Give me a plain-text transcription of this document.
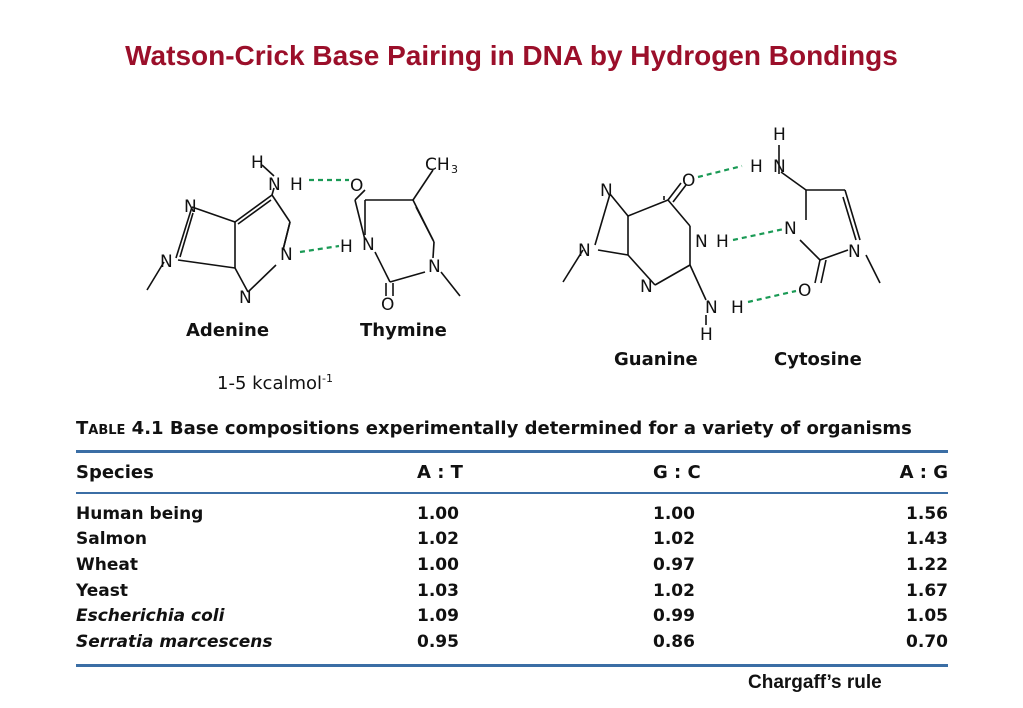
Watson-Crick Base Pairing in DNA by Hydrogen Bondings
H
N H
N
N	N
N
CH 3
O
H N
N
O
N
N
O
N H
N
N H
H
H
H N
N
N
O
Adenine	Thymine
Guanine	Cytosine
1-5 kcalmol$^{-1}$
Table 4.1 Base compositions experimentally determined for a variety of organisms
Species	A : T	G : C	A : G
Human being	1.00	1.00	1.56
Salmon	1.02	1.02	1.43
Wheat	1.00	0.97	1.22
Yeast	1.03	1.02	1.67
Escherichia coli	1.09	0.99	1.05
Serratia marcescens	0.95	0.86	0.70
Chargaff’s rule
